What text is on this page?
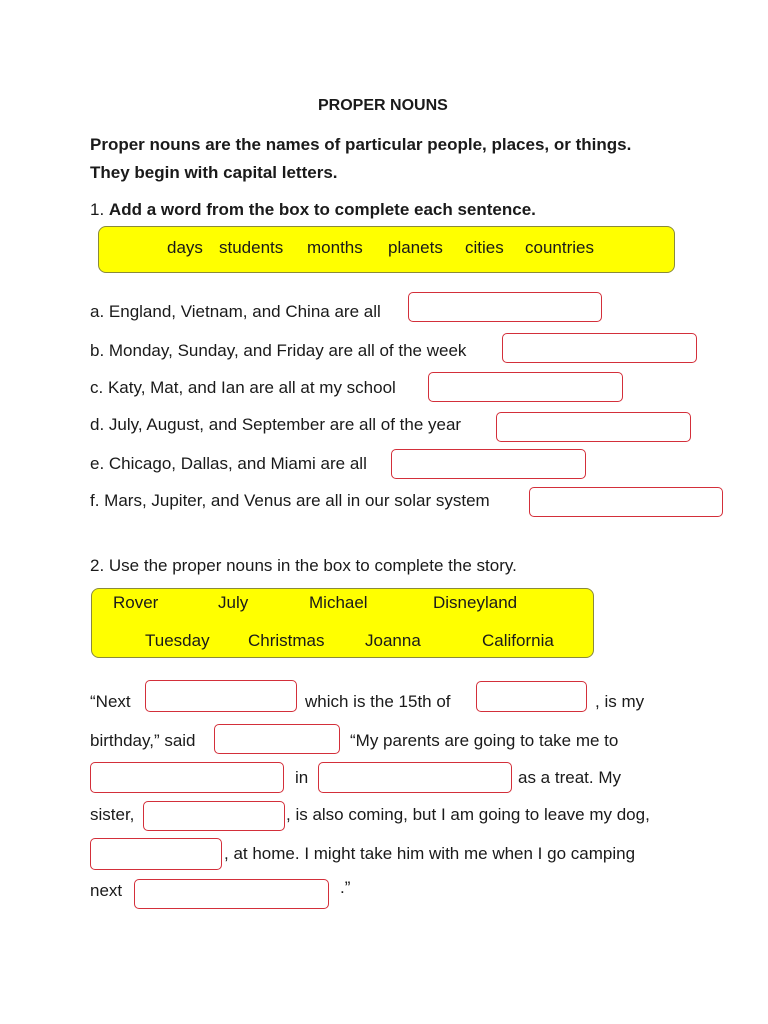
PROPER NOUNS
Proper nouns are the names of particular people, places, or things.
They begin with capital letters.
1. Add a word from the box to complete each sentence.
days students months planets cities countries
a. England, Vietnam, and China are all
b. Monday, Sunday, and Friday are all of the week
c. Katy, Mat, and Ian are all at my school
d. July, August, and September are all of the year
e. Chicago, Dallas, and Miami are all
f. Mars, Jupiter, and Venus are all in our solar system
2. Use the proper nouns in the box to complete the story.
Rover	July	Michael	Disneyland
Tuesday Christmas Joanna	California
“Next	which is the 15th of	, is my
birthday,” said	“My parents are going to take me to
in	as a treat. My
sister,	, is also coming, but I am going to leave my dog,
, at home. I might take him with me when I go camping
next	.”
